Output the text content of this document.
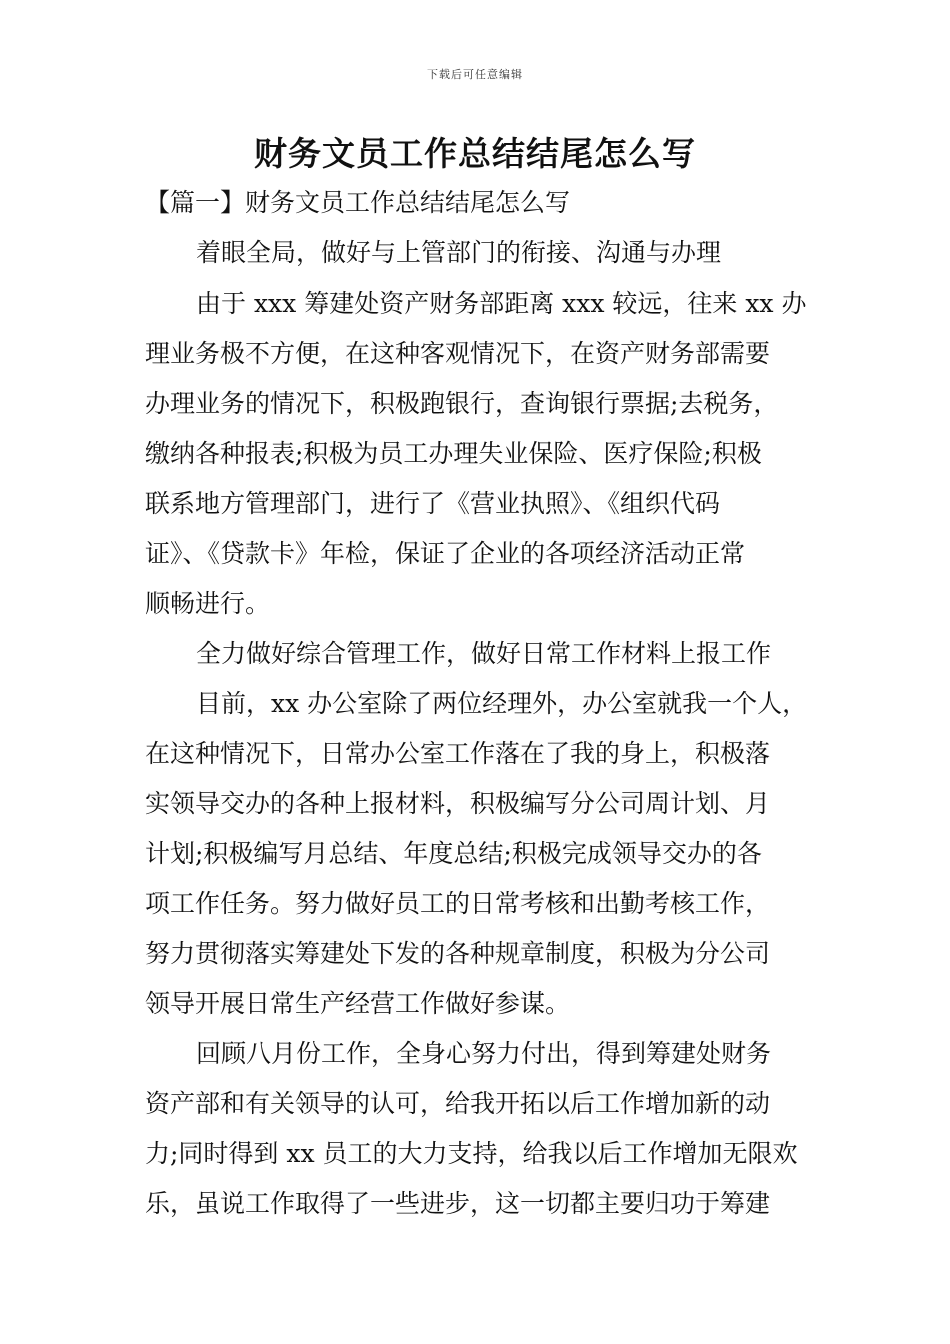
下载后可任意编辑
财务文员工作总结结尾怎么写
【篇一】财务文员工作总结结尾怎么写

着眼全局，做好与上管部门的衔接、沟通与办理

由于 xxx 筹建处资产财务部距离 xxx 较远，往来 xx 办

理业务极不方便，在这种客观情况下，在资产财务部需要

办理业务的情况下，积极跑银行，查询银行票据;去税务，

缴纳各种报表;积极为员工办理失业保险、医疗保险;积极

联系地方管理部门，进行了《营业执照》、《组织代码

证》、《贷款卡》年检，保证了企业的各项经济活动正常

顺畅进行。

全力做好综合管理工作，做好日常工作材料上报工作

目前，xx 办公室除了两位经理外，办公室就我一个人，

在这种情况下，日常办公室工作落在了我的身上，积极落

实领导交办的各种上报材料，积极编写分公司周计划、月

计划;积极编写月总结、年度总结;积极完成领导交办的各

项工作任务。努力做好员工的日常考核和出勤考核工作，

努力贯彻落实筹建处下发的各种规章制度，积极为分公司

领导开展日常生产经营工作做好参谋。

回顾八月份工作，全身心努力付出，得到筹建处财务

资产部和有关领导的认可，给我开拓以后工作增加新的动

力;同时得到 xx 员工的大力支持，给我以后工作增加无限欢

乐，虽说工作取得了一些进步，这一切都主要归功于筹建
